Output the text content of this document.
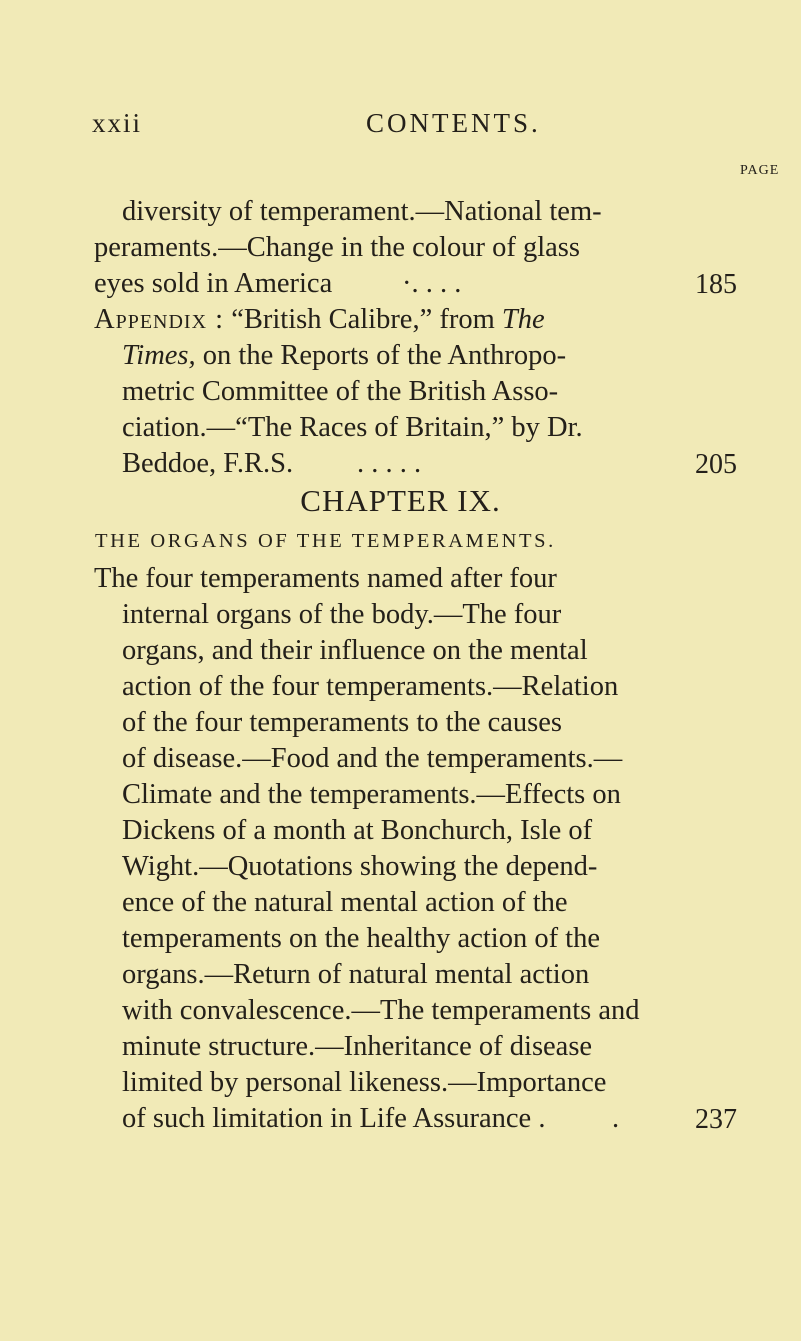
xxii	CONTENTS.
PAGE
diversity of temperament.—National tem-
peraments.—Change in the colour of glass
eyes sold in America ·. . . .	185
Appendix : “British Calibre,” from The
Times, on the Reports of the Anthropo-
metric Committee of the British Asso-
ciation.—“The Races of Britain,” by Dr.
Beddoe, F.R.S. . . . . .	205
CHAPTER IX.
THE ORGANS OF THE TEMPERAMENTS.
The four temperaments named after four
internal organs of the body.—The four
organs, and their influence on the mental
action of the four temperaments.—Relation
of the four temperaments to the causes
of disease.—Food and the temperaments.—
Climate and the temperaments.—Effects on
Dickens of a month at Bonchurch, Isle of
Wight.—Quotations showing the depend-
ence of the natural mental action of the
temperaments on the healthy action of the
organs.—Return of natural mental action
with convalescence.—The temperaments and
minute structure.—Inheritance of disease
limited by personal likeness.—Importance
of such limitation in Life Assurance . .	237
